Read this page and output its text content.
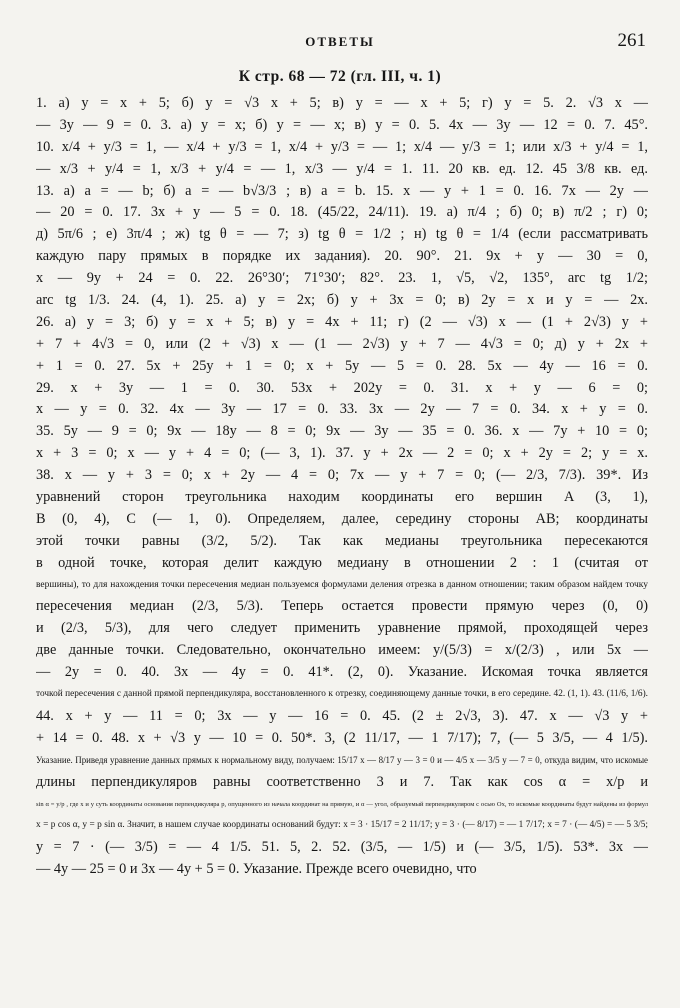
ОТВЕТЫ	261
К стр. 68 — 72 (гл. III, ч. 1)
1. а) y = x + 5; б) y = √3 x + 5; в) y = — x + 5; г) y = 5. 2. √3 x —
— 3y — 9 = 0. 3. а) y = x; б) y = — x; в) y = 0. 5. 4x — 3y — 12 = 0. 7. 45°.
10. x/4 + y/3 = 1, — x/4 + y/3 = 1, x/4 + y/3 = — 1; x/4 — y/3 = 1; или x/3 + y/4 = 1,
— x/3 + y/4 = 1, x/3 + y/4 = — 1, x/3 — y/4 = 1. 11. 20 кв. ед. 12. 45 3/8 кв. ед.
13. а) a = — b; б) a = — b√3/3 ; в) a = b. 15. x — y + 1 = 0. 16. 7x — 2y —
— 20 = 0. 17. 3x + y — 5 = 0. 18. (45/22, 24/11). 19. а) π/4 ; б) 0; в) π/2 ; г) 0;
д) 5π/6 ; е) 3π/4 ; ж) tg θ = — 7; з) tg θ = 1/2 ; н) tg θ = 1/4 (если рассматривать
каждую пару прямых в порядке их задания). 20. 90°. 21. 9x + y — 30 = 0,
x — 9y + 24 = 0. 22. 26°30′; 71°30′; 82°. 23. 1, √5, √2, 135°, arc tg 1/2;
arc tg 1/3. 24. (4, 1). 25. а) y = 2x; б) y + 3x = 0; в) 2y = x и y = — 2x.
26. а) y = 3; б) y = x + 5; в) y = 4x + 11; г) (2 — √3) x — (1 + 2√3) y +
+ 7 + 4√3 = 0, или (2 + √3) x — (1 — 2√3) y + 7 — 4√3 = 0; д) y + 2x +
+ 1 = 0. 27. 5x + 25y + 1 = 0; x + 5y — 5 = 0. 28. 5x — 4y — 16 = 0.
29. x + 3y — 1 = 0. 30. 53x + 202y = 0. 31. x + y — 6 = 0;
x — y = 0. 32. 4x — 3y — 17 = 0. 33. 3x — 2y — 7 = 0. 34. x + y = 0.
35. 5y — 9 = 0; 9x — 18y — 8 = 0; 9x — 3y — 35 = 0. 36. x — 7y + 10 = 0;
x + 3 = 0; x — y + 4 = 0; (— 3, 1). 37. y + 2x — 2 = 0; x + 2y = 2; y = x.
38. x — y + 3 = 0; x + 2y — 4 = 0; 7x — y + 7 = 0; (— 2/3, 7/3). 39*. Из
уравнений сторон треугольника находим координаты его вершин A (3, 1),
B (0, 4), C (— 1, 0). Определяем, далее, середину стороны AB; координаты
этой точки равны (3/2, 5/2). Так как медианы треугольника пересекаются
в одной точке, которая делит каждую медиану в отношении 2 : 1 (считая от
вершины), то для нахождения точки пересечения медиан пользуемся формулами деления отрезка в данном отношении; таким образом найдем точку
пересечения медиан (2/3, 5/3). Теперь остается провести прямую через (0, 0)
и (2/3, 5/3), для чего следует применить уравнение прямой, проходящей через
две данные точки. Следовательно, окончательно имеем: y/(5/3) = x/(2/3) , или 5x —
— 2y = 0. 40. 3x — 4y = 0. 41*. (2, 0). Указание. Искомая точка является
точкой пересечения с данной прямой перпендикуляра, восстановленного к отрезку, соединяющему данные точки, в его середине. 42. (1, 1). 43. (11/6, 1/6).
44. x + y — 11 = 0; 3x — y — 16 = 0. 45. (2 ± 2√3, 3). 47. x — √3 y +
+ 14 = 0. 48. x + √3 y — 10 = 0. 50*. 3, (2 11/17, — 1 7/17); 7, (— 5 3/5, — 4 1/5).
Указание. Приведя уравнение данных прямых к нормальному виду, получаем: 15/17 x — 8/17 y — 3 = 0 и — 4/5 x — 3/5 y — 7 = 0, откуда видим, что искомые
длины перпендикуляров равны соответственно 3 и 7. Так как cos α = x/p и
sin α = y/p , где x и y суть координаты основания перпендикуляра p, опущенного из начала координат на прямую, и α — угол, образуемый перпендикуляром с осью Ox, то искомые координаты будут найдены из формул
x = p cos α, y = p sin α. Значит, в нашем случае координаты оснований будут: x = 3 · 15/17 = 2 11/17; y = 3 · (— 8/17) = — 1 7/17; x = 7 · (— 4/5) = — 5 3/5;
y = 7 · (— 3/5) = — 4 1/5. 51. 5, 2. 52. (3/5, — 1/5) и (— 3/5, 1/5). 53*. 3x —
— 4y — 25 = 0 и 3x — 4y + 5 = 0. Указание. Прежде всего очевидно, что
